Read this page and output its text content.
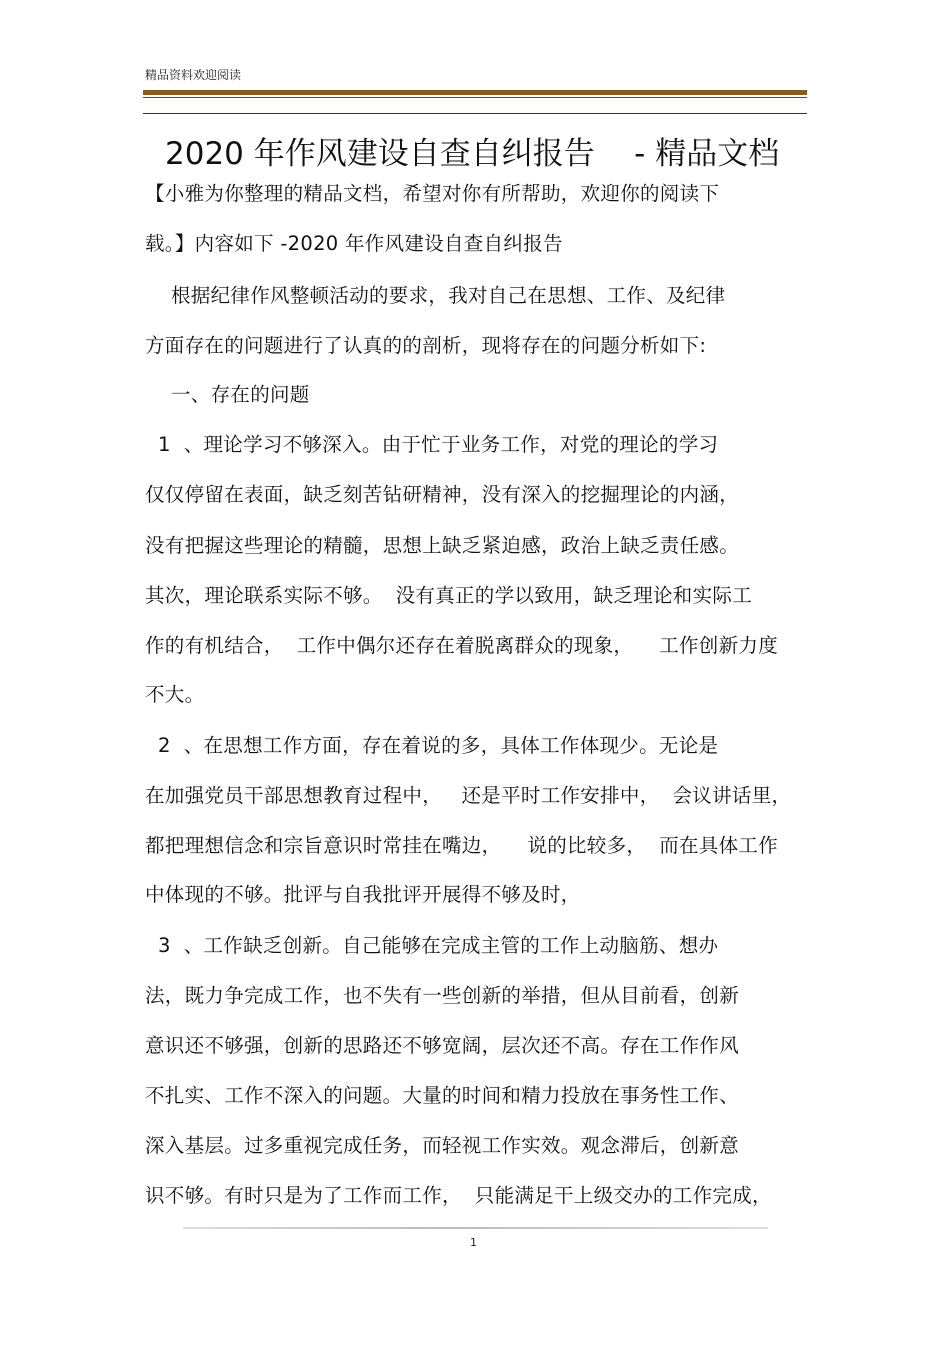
精品资料欢迎阅读
2020 年作风建设自查自纠报告    - 精品文档
【小雅为你整理的精品文档，希望对你有所帮助，欢迎你的阅读下
载。】内容如下 -2020 年作风建设自查自纠报告
根据纪律作风整顿活动的要求，我对自己在思想、工作、及纪律
方面存在的问题进行了认真的的剖析，现将存在的问题分析如下:
一、存在的问题
1  、理论学习不够深入。由于忙于业务工作，对党的理论的学习
仅仅停留在表面，缺乏刻苦钻研精神，没有深入的挖掘理论的内涵，
没有把握这些理论的精髓，思想上缺乏紧迫感，政治上缺乏责任感。
其次，理论联系实际不够。  没有真正的学以致用，缺乏理论和实际工
作的有机结合，  工作中偶尔还存在着脱离群众的现象，    工作创新力度
不大。
2  、在思想工作方面，存在着说的多，具体工作体现少。无论是
在加强党员干部思想教育过程中，   还是平时工作安排中，  会议讲话里，
都把理想信念和宗旨意识时常挂在嘴边，    说的比较多，  而在具体工作
中体现的不够。批评与自我批评开展得不够及时，
3  、工作缺乏创新。自己能够在完成主管的工作上动脑筋、想办
法，既力争完成工作，也不失有一些创新的举措，但从目前看，创新
意识还不够强，创新的思路还不够宽阔，层次还不高。存在工作作风
不扎实、工作不深入的问题。大量的时间和精力投放在事务性工作、
深入基层。过多重视完成任务，而轻视工作实效。观念滞后，创新意
识不够。有时只是为了工作而工作，  只能满足干上级交办的工作完成，
1
